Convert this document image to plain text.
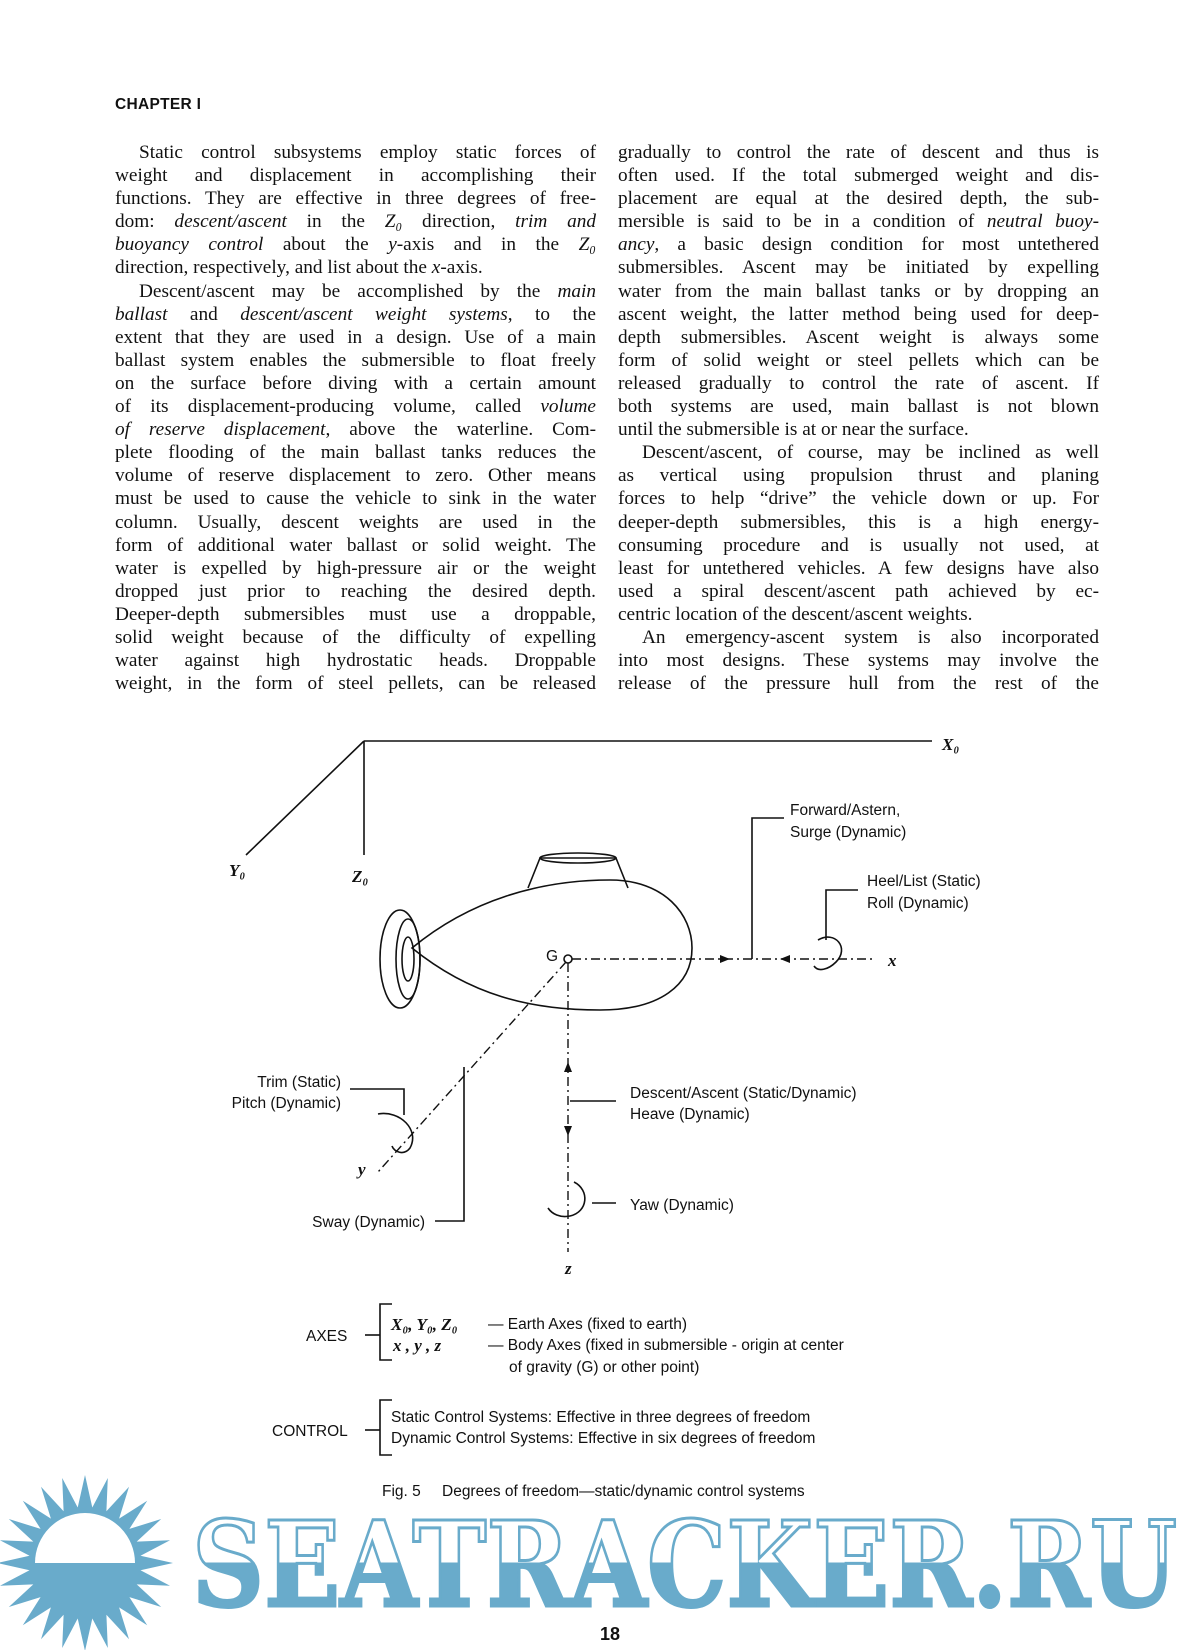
CHAPTER I
Static control subsystems employ static forces of
weight and displacement in accomplishing their
functions. They are effective in three degrees of free-
dom: descent/ascent in the Z₀ direction, trim and
buoyancy control about the y-axis and in the Z₀
direction, respectively, and list about the x-axis.
Descent/ascent may be accomplished by the main
ballast and descent/ascent weight systems, to the
extent that they are used in a design. Use of a main
ballast system enables the submersible to float freely
on the surface before diving with a certain amount
of its displacement-producing volume, called volume
of reserve displacement, above the waterline. Com-
plete flooding of the main ballast tanks reduces the
volume of reserve displacement to zero. Other means
must be used to cause the vehicle to sink in the water
column. Usually, descent weights are used in the
form of additional water ballast or solid weight. The
water is expelled by high-pressure air or the weight
dropped just prior to reaching the desired depth.
Deeper-depth submersibles must use a droppable,
solid weight because of the difficulty of expelling
water against high hydrostatic heads. Droppable
weight, in the form of steel pellets, can be released
gradually to control the rate of descent and thus is
often used. If the total submerged weight and dis-
placement are equal at the desired depth, the sub-
mersible is said to be in a condition of neutral buoy-
ancy, a basic design condition for most untethered
submersibles. Ascent may be initiated by expelling
water from the main ballast tanks or by dropping an
ascent weight, the latter method being used for deep-
depth submersibles. Ascent weight is always some
form of solid weight or steel pellets which can be
released gradually to control the rate of ascent. If
both systems are used, main ballast is not blown
until the submersible is at or near the surface.
Descent/ascent, of course, may be inclined as well
as vertical using propulsion thrust and planing
forces to help “drive” the vehicle down or up. For
deeper-depth submersibles, this is a high energy-
consuming procedure and is usually not used, at
least for untethered vehicles. A few designs have also
used a spiral descent/ascent path achieved by ec-
centric location of the descent/ascent weights.
An emergency-ascent system is also incorporated
into most designs. These systems may involve the
release of the pressure hull from the rest of the
X₀
Y₀	Z₀
G	x
y
z
Forward/Astern,
Surge (Dynamic)
Heel/List (Static)
Roll (Dynamic)
Trim (Static)
Pitch (Dynamic)
Sway (Dynamic)
Descent/Ascent (Static/Dynamic)
Heave (Dynamic)
Yaw (Dynamic)
AXES
X₀, Y₀, Z₀ — Earth Axes (fixed to earth)
x , y , z	— Body Axes (fixed in submersible - origin at center
of gravity (G) or other point)
CONTROL
Static Control Systems: Effective in three degrees of freedom
Dynamic Control Systems: Effective in six degrees of freedom
Fig. 5 Degrees of freedom—static/dynamic control systems
SEATRACKER.RU
18
